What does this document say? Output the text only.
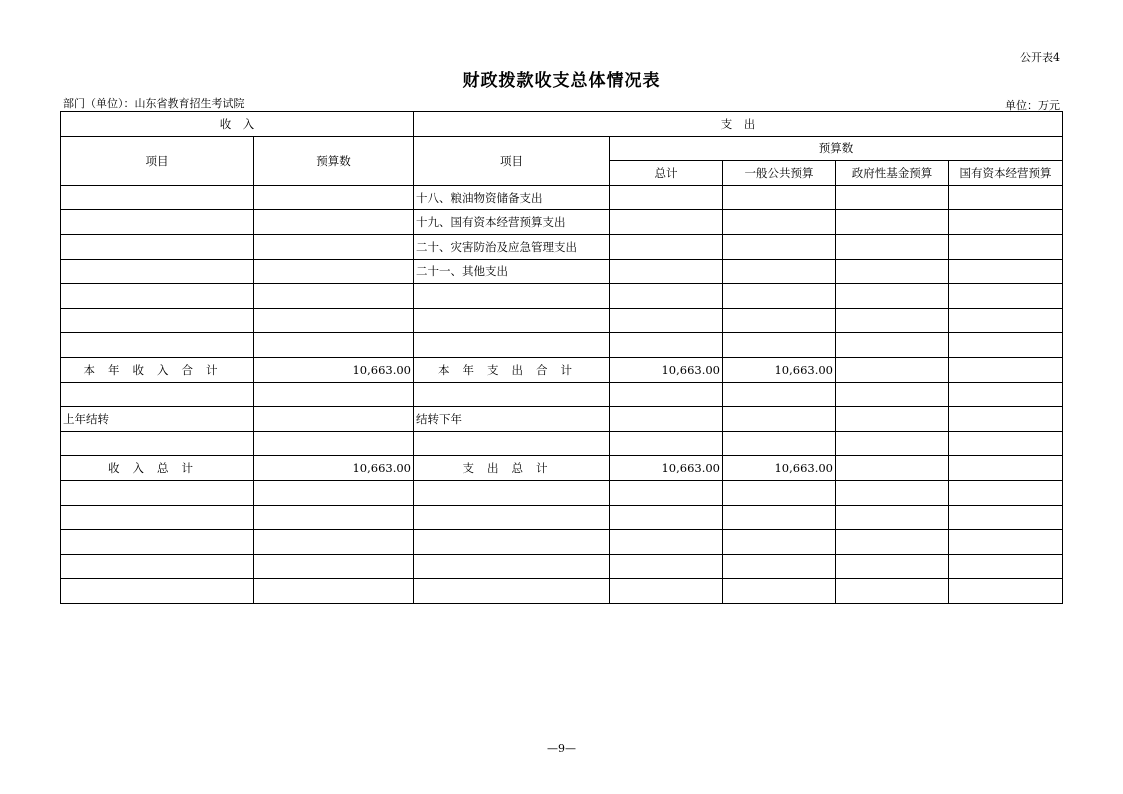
公开表4
财政拨款收支总体情况表
部门（单位）：山东省教育招生考试院	单位：万元
收　入		支　出				
项目	预算数	项目	预算数			
			总计	一般公共预算	政府性基金预算	国有资本经营预算
		十八、粮油物资储备支出				
		十九、国有资本经营预算支出				
		二十、灾害防治及应急管理支出				
		二十一、其他支出				

本年收入合计	10,663.00	本年支出合计	10,663.00	10,663.00		

上年结转		结转下年				

收入总计	10,663.00	支出总计	10,663.00	10,663.00		

—9—
